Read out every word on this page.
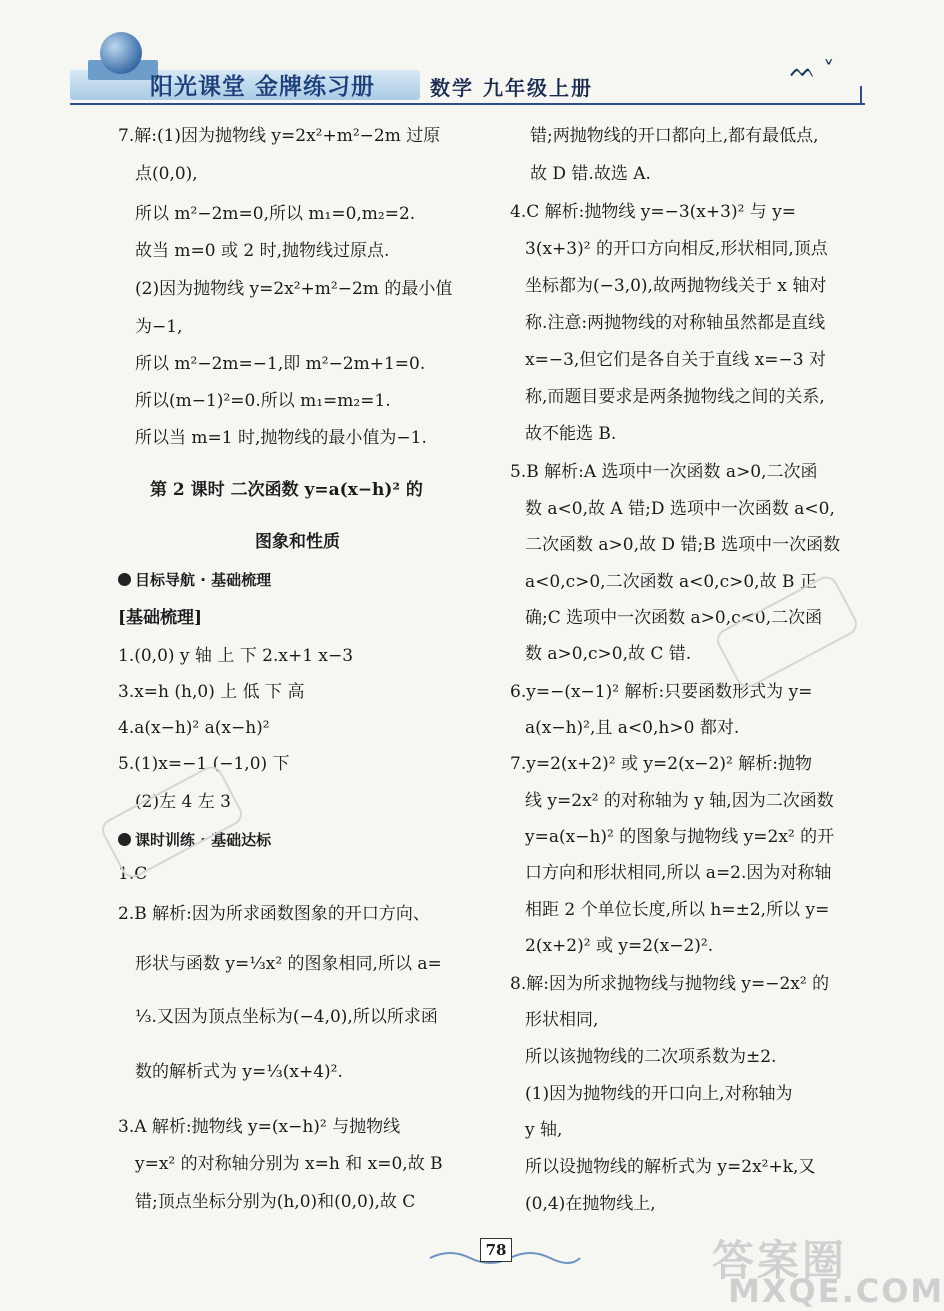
阳光课堂 金牌练习册	数学 九年级上册
ᨓ ˅
7.解:(1)因为抛物线 y=2x²+m²−2m 过原
点(0,0),
所以 m²−2m=0,所以 m₁=0,m₂=2.
故当 m=0 或 2 时,抛物线过原点.
(2)因为抛物线 y=2x²+m²−2m 的最小值
为−1,
所以 m²−2m=−1,即 m²−2m+1=0.
所以(m−1)²=0.所以 m₁=m₂=1.
所以当 m=1 时,抛物线的最小值为−1.
第 2 课时 二次函数 y=a(x−h)² 的
图象和性质
目标导航 · 基础梳理
[基础梳理]
1.(0,0) y 轴 上 下 2.x+1 x−3
3.x=h (h,0) 上 低 下 高
4.a(x−h)² a(x−h)²
5.(1)x=−1 (−1,0) 下
(2)左 4 左 3
课时训练 · 基础达标
1.C
2.B 解析:因为所求函数图象的开口方向、
形状与函数 y=⅓x² 的图象相同,所以 a=
⅓.又因为顶点坐标为(−4,0),所以所求函
数的解析式为 y=⅓(x+4)².
3.A 解析:抛物线 y=(x−h)² 与抛物线
y=x² 的对称轴分别为 x=h 和 x=0,故 B
错;顶点坐标分别为(h,0)和(0,0),故 C
错;两抛物线的开口都向上,都有最低点,
故 D 错.故选 A.
4.C 解析:抛物线 y=−3(x+3)² 与 y=
3(x+3)² 的开口方向相反,形状相同,顶点
坐标都为(−3,0),故两抛物线关于 x 轴对
称.注意:两抛物线的对称轴虽然都是直线
x=−3,但它们是各自关于直线 x=−3 对
称,而题目要求是两条抛物线之间的关系,
故不能选 B.
5.B 解析:A 选项中一次函数 a>0,二次函
数 a<0,故 A 错;D 选项中一次函数 a<0,
二次函数 a>0,故 D 错;B 选项中一次函数
a<0,c>0,二次函数 a<0,c>0,故 B 正
确;C 选项中一次函数 a>0,c<0,二次函
数 a>0,c>0,故 C 错.
6.y=−(x−1)² 解析:只要函数形式为 y=
a(x−h)²,且 a<0,h>0 都对.
7.y=2(x+2)² 或 y=2(x−2)² 解析:抛物
线 y=2x² 的对称轴为 y 轴,因为二次函数
y=a(x−h)² 的图象与抛物线 y=2x² 的开
口方向和形状相同,所以 a=2.因为对称轴
相距 2 个单位长度,所以 h=±2,所以 y=
2(x+2)² 或 y=2(x−2)².
8.解:因为所求抛物线与抛物线 y=−2x² 的
形状相同,
所以该抛物线的二次项系数为±2.
(1)因为抛物线的开口向上,对称轴为
y 轴,
所以设抛物线的解析式为 y=2x²+k,又
(0,4)在抛物线上,
78	答案圈
MXQE.COM
